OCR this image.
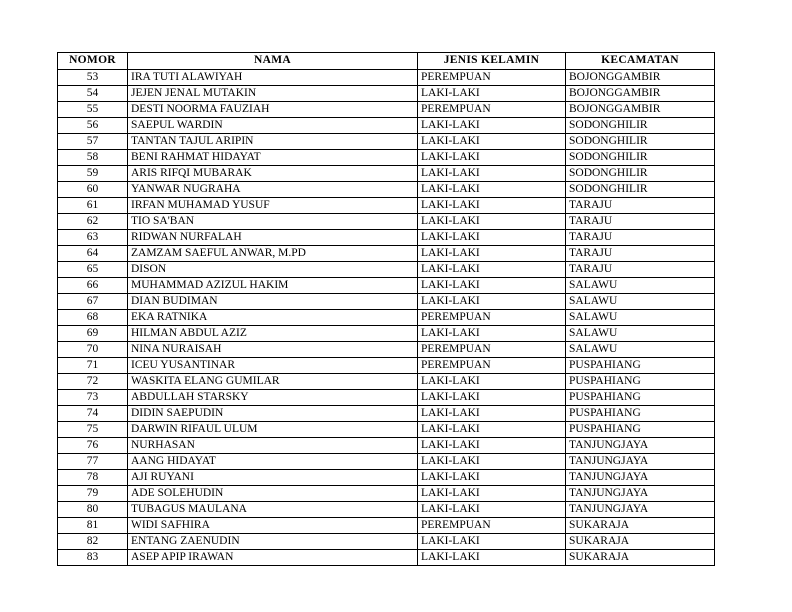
NOMOR	NAMA	JENIS KELAMIN	KECAMATAN
53	IRA TUTI ALAWIYAH	PEREMPUAN	BOJONGGAMBIR
54	JEJEN JENAL MUTAKIN	LAKI-LAKI	BOJONGGAMBIR
55	DESTI NOORMA FAUZIAH	PEREMPUAN	BOJONGGAMBIR
56	SAEPUL WARDIN	LAKI-LAKI	SODONGHILIR
57	TANTAN TAJUL ARIPIN	LAKI-LAKI	SODONGHILIR
58	BENI RAHMAT HIDAYAT	LAKI-LAKI	SODONGHILIR
59	ARIS RIFQI MUBARAK	LAKI-LAKI	SODONGHILIR
60	YANWAR NUGRAHA	LAKI-LAKI	SODONGHILIR
61	IRFAN MUHAMAD YUSUF	LAKI-LAKI	TARAJU
62	TIO SA'BAN	LAKI-LAKI	TARAJU
63	RIDWAN NURFALAH	LAKI-LAKI	TARAJU
64	ZAMZAM SAEFUL ANWAR, M.PD	LAKI-LAKI	TARAJU
65	DISON	LAKI-LAKI	TARAJU
66	MUHAMMAD AZIZUL HAKIM	LAKI-LAKI	SALAWU
67	DIAN BUDIMAN	LAKI-LAKI	SALAWU
68	EKA RATNIKA	PEREMPUAN	SALAWU
69	HILMAN ABDUL AZIZ	LAKI-LAKI	SALAWU
70	NINA NURAISAH	PEREMPUAN	SALAWU
71	ICEU YUSANTINAR	PEREMPUAN	PUSPAHIANG
72	WASKITA ELANG GUMILAR	LAKI-LAKI	PUSPAHIANG
73	ABDULLAH STARSKY	LAKI-LAKI	PUSPAHIANG
74	DIDIN SAEPUDIN	LAKI-LAKI	PUSPAHIANG
75	DARWIN RIFAUL ULUM	LAKI-LAKI	PUSPAHIANG
76	NURHASAN	LAKI-LAKI	TANJUNGJAYA
77	AANG HIDAYAT	LAKI-LAKI	TANJUNGJAYA
78	AJI RUYANI	LAKI-LAKI	TANJUNGJAYA
79	ADE SOLEHUDIN	LAKI-LAKI	TANJUNGJAYA
80	TUBAGUS MAULANA	LAKI-LAKI	TANJUNGJAYA
81	WIDI SAFHIRA	PEREMPUAN	SUKARAJA
82	ENTANG ZAENUDIN	LAKI-LAKI	SUKARAJA
83	ASEP APIP IRAWAN	LAKI-LAKI	SUKARAJA
